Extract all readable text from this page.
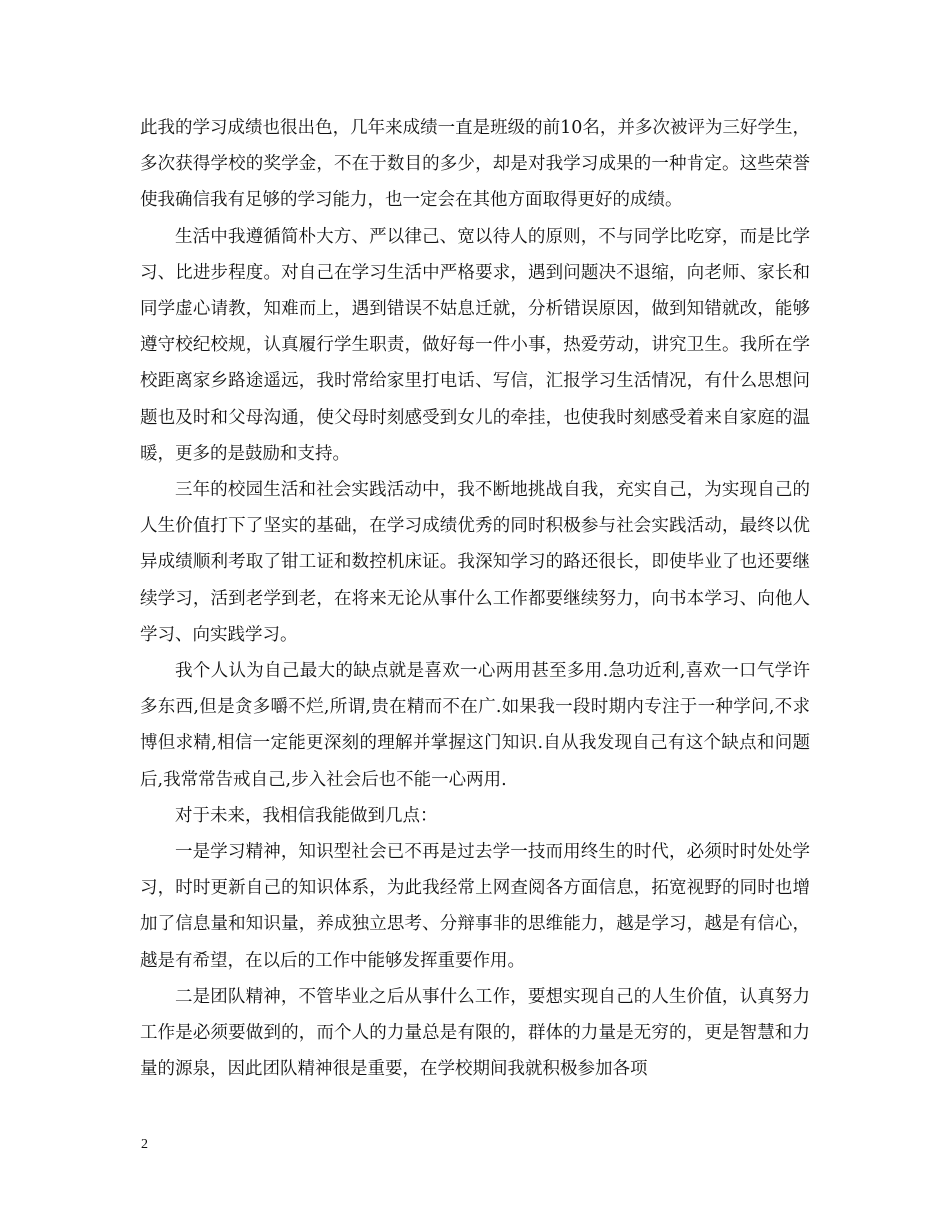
此我的学习成绩也很出色，几年来成绩一直是班级的前10名，并多次被评为三好学生，多次获得学校的奖学金，不在于数目的多少，却是对我学习成果的一种肯定。这些荣誉使我确信我有足够的学习能力，也一定会在其他方面取得更好的成绩。

生活中我遵循简朴大方、严以律己、宽以待人的原则，不与同学比吃穿，而是比学习、比进步程度。对自己在学习生活中严格要求，遇到问题决不退缩，向老师、家长和同学虚心请教，知难而上，遇到错误不姑息迁就，分析错误原因，做到知错就改，能够遵守校纪校规，认真履行学生职责，做好每一件小事，热爱劳动，讲究卫生。我所在学校距离家乡路途遥远，我时常给家里打电话、写信，汇报学习生活情况，有什么思想问题也及时和父母沟通，使父母时刻感受到女儿的牵挂，也使我时刻感受着来自家庭的温暖，更多的是鼓励和支持。

三年的校园生活和社会实践活动中，我不断地挑战自我，充实自己，为实现自己的人生价值打下了坚实的基础，在学习成绩优秀的同时积极参与社会实践活动，最终以优异成绩顺利考取了钳工证和数控机床证。我深知学习的路还很长，即使毕业了也还要继续学习，活到老学到老，在将来无论从事什么工作都要继续努力，向书本学习、向他人学习、向实践学习。

我个人认为自己最大的缺点就是喜欢一心两用甚至多用.急功近利,喜欢一口气学许多东西,但是贪多嚼不烂,所谓,贵在精而不在广.如果我一段时期内专注于一种学问,不求博但求精,相信一定能更深刻的理解并掌握这门知识.自从我发现自己有这个缺点和问题后,我常常告戒自己,步入社会后也不能一心两用.

对于未来，我相信我能做到几点：

一是学习精神，知识型社会已不再是过去学一技而用终生的时代，必须时时处处学习，时时更新自己的知识体系，为此我经常上网查阅各方面信息，拓宽视野的同时也增加了信息量和知识量，养成独立思考、分辩事非的思维能力，越是学习，越是有信心，越是有希望，在以后的工作中能够发挥重要作用。

二是团队精神，不管毕业之后从事什么工作，要想实现自己的人生价值，认真努力工作是必须要做到的，而个人的力量总是有限的，群体的力量是无穷的，更是智慧和力量的源泉，因此团队精神很是重要，在学校期间我就积极参加各项

2
